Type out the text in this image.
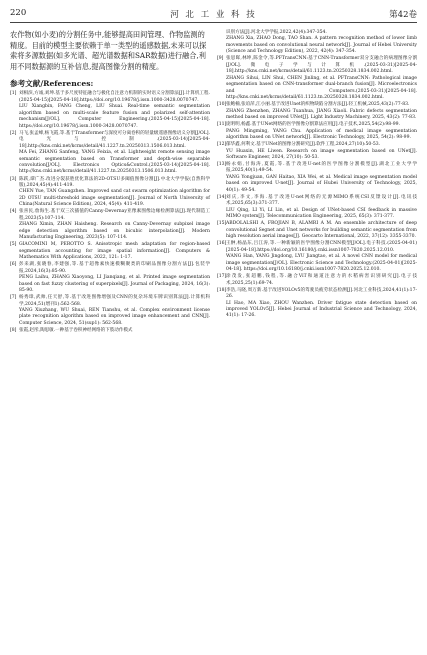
220	河 北 工 业 科 技	第42卷

农作物(如小麦)的分割任务中,能够提高田间管理、作物监测的精度。目前的模型主要依赖于单一类型的遥感数据,未来可以探索将多源数据(如多光谱、超光谱数据和SAR数据)进行融合,利用不同数据源的互补信息,提高图像分割的精度。

参考文献/References:
[1] 刘相滨,方诚,刘坤.基于多尺度特征融合与极化自注意力机制的实时语义分割算法[J].计算机工程.(2025-04-15)[2025-04-18].https://doi.org/10.19678/j.issn.1000-3428.0070747.
LIU Xiangbin, FANG Cheng, LIU Shuai. Real-time semantic segmentation algorithm based on multi-scale feature fusion and polarized self-attention mechanism[J/OL]. Computer Engineering.(2025-04-15)[2025-04-18]. https://doi.org/10.19678/j.issn.1000-3428.0070747.
[2] 马飞,张孟峰,杨飞霞,等.基于Transformer与深度可分离卷积的轻量级遥感图像语义分割[J/OL].电光与控制.(2025-03-14)[2025-04-18].http://kns.cnki.net/kcms/detail/41.1227.tn.20250313.1506.013.html.
MA Fei, ZHANG Sanfeng, YANG Feixia, et al. Lightweight remote sensing image semantic segmentation based on Transformer and depth-wise separable convolution[J/OL]. Electronics Optics&Control.(2025-03-14)[2025-04-18]. http://kns.cnki.net/kcms/detail/41.1227.tn.20250313.1506.013.html.
[3] 陈跃,谭广杰.改进分裂获胜优化算法的2D-OTSU多阈值图像分割[J].中北大学学报(自然科学版),2024,45(4):411-419.
CHEN Yue, TAN Guangzhen. Improved sand cat swarm optimization algorithm for 2D OTSU multi-threshold image segmentation[J]. Journal of North University of China(Natural Science Edition), 2024, 45(4): 411-419.
[4] 张喜民,詹海生.基于双三次插值的Canny-Devernay亚像素图像边缘检测算法[J].现代制造工程,2023(5):107-114.
ZHANG Ximin, ZHAN Haisheng. Research on Canny-Devernay subpixel image edge detection algorithm based on bicubic interpolation[J]. Modern Manufacturing Engineering, 2023(5): 107-114.
[5] GIACOMINI M, PEROTTO S. Anisotropic mesh adaptation for region-based segmentation accounting for image spatial information[J]. Computers & Mathematics With Applications, 2022, 121: 1-17.
[6] 彭来湖,张晓春,李建强,等.基于超像素快速模糊聚类的印刷品图像分割方法[J].包装学报,2024,16(3):85-90.
PENG Laihu, ZHANG Xiaoyong, LI Jianqiang, et al. Printed image segmentation based on fast fuzzy clustering of superpixels[J]. Journal of Packaging, 2024, 16(3): 85-90.
[7] 杨秀璋,武帅,任天舒,等.基于改进图像增强及CNN的复杂环境车牌识别算法[J].计算机科学,2024,51(增刊1):562-568.
YANG Xiuzhang, WU Shuai, REN Tianshu, et al. Complex environment license plate recognition algorithm based on improved image enhancement and CNN[J]. Computer Science, 2024, 51(sup1): 562-568.
[8] 张霞,赵彤,陶思敏.一种基于卷积神经网络的下肢动作模式
识别方法[J].河北大学学报,2022,42(4):347-354.
ZHANG Xia, ZHAO Dong, TAO Shan. A pattern recognition method of lower limb movements based on convolutional neural network[J]. Journal of Hebei University (Science and Technology Edition), 2022, 42(4): 347-354.
[9] 张思晖,林坤,陈金令,等.PFTransCNN:基于CNN-Transformer双分支融合的病理图像分割[J/OL].微电子学与计算机.(2025-03-31)[2025-04-18].http://kns.cnki.net/kcms/detail/61.1123.tn.20250328.1834.002.html.
ZHANG Sihui, LIN Shui, CHEN Jinling, et al. PFTransCNN: Pathological image segmentation based on CNN-transformer dual-branch fusion[J]. Microelectronics and Computers.(2025-03-31)[2025-04-18]. http://kns.cnki.net/kcms/detail/61.1123.tn.20250328.1834.002.html.
[10] 张鲍楠,张谊萍,江小丽.基于改进Unet的织物缺陷分割方法[J].轻工机械,2025,43(2):77-83.
ZHANG Zhenzhen, ZHANG Tuanhua, JIANG Xiaoli. Fabric defects segmentation method based on improved UNet[J]. Light Industry Machinery, 2025, 43(2): 77-83.
[11] 庞明明,杨鑫.基于UNet网络的医学图像分割算法应用[J].电子技术,2025,54(2):98-99.
PANG Mingming, YANG Chu. Application of medical image segmentation algorithm based on UNet network[J]. Electronic Technology, 2025, 54(2): 98-99.
[12] 郁华鑫,何利文.基于UNet的图像分割研究[J].软件工程,2024,27(10):50-53.
YU Huaxin, HE Liwen. Research on image segmentation based on UNet[J]. Software Engineer, 2024, 27(10): 50-53.
[13] 杨永娟,甘海涛,夏霞,等.基于改进U-net的医学图像分割模型[J].湖北工业大学学报,2025,40(1):49-54.
YANG Yongjuan, GAN Haitao, XIA Wei, et al. Medical image segmentation model based on improved U-net[J]. Journal of Hubei University of Technology, 2025, 40(1): 49-54.
[14] 刘庆,李文,李海.基于改进U-net网络的无源MIMO系统CSI反馈设计[J].电讯技术,2025,65(3):371-377.
LIU Qing, LI Yi, LI Lin, et al. Design of UNet-based CSI feedback in massive MIMO system[J]. Telecommunication Engineering, 2025, 65(3): 371-377.
[15] ABDOLALSHI A, FROJIAN B, ALAMRI A M. An ensemble architecture of deep convolutional Segnet and Unet networks for building semantic segmentation from high resolution aerial images[J]. Geocarto International, 2022, 37(12): 3355-3370.
[16] 王翀,杨晶东,吕江涛,等.一种新颖的医学图像分割CNN模型[J/OL].电子科技.(2025-04-01)[2025-04-18].https://doi.org/10.16180/j.cnki.issn1007-7820.2025.12.010.
WANG Han, YANG Jingdong, LYU Jiangtao, et al. A novel CNN model for medical image segmentation[J/OL]. Electronic Science and Technology.(2025-04-01)[2025-04-18]. https://doi.org/10.16180/j.cnki.issn1007-7820.2025.12.010.
[17] 涂茂发,张超鹏,钱程,等.融合ViT和通道注意力的水稻病害识别研究[J].电子技术,2025,25(1):69-74.
[18] 李浩,马晓,周万新.基于改进YOLOv5的驾驶员疲劳状态检测[J].河北工业科技,2024,41(1):17-26.
LI Hao, MA Xiao, ZHOU Wanzhen. Driver fatigue state detection based on improved YOLOv5[J]. Hebei Journal of Industrial Science and Technology, 2024, 41(1): 17-26.
